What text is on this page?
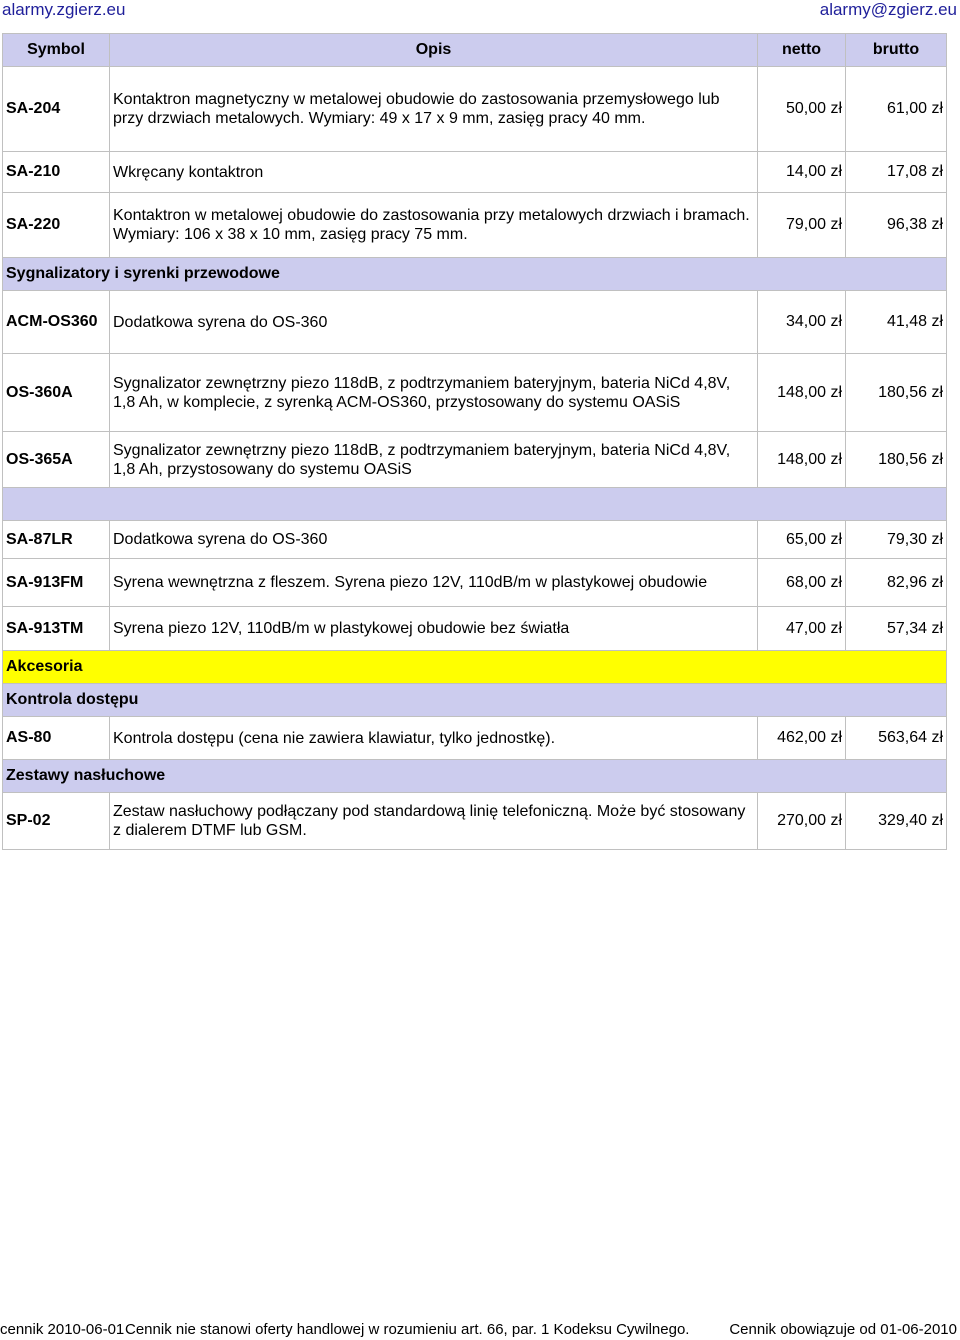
alarmy.zgierz.eu	alarmy@zgierz.eu
Symbol	Opis	netto	brutto
SA-204	Kontaktron magnetyczny w metalowej obudowie do zastosowania przemysłowego lub przy drzwiach metalowych. Wymiary: 49 x 17 x 9 mm, zasięg pracy 40 mm.	50,00 zł	61,00 zł
SA-210	Wkręcany kontaktron	14,00 zł	17,08 zł
SA-220	Kontaktron w metalowej obudowie do zastosowania przy metalowych drzwiach i bramach. Wymiary: 106 x 38 x 10 mm, zasięg pracy 75 mm.	79,00 zł	96,38 zł
Sygnalizatory i syrenki przewodowe			
ACM-OS360	Dodatkowa syrena do OS-360	34,00 zł	41,48 zł
OS-360A	Sygnalizator zewnętrzny piezo 118dB, z podtrzymaniem bateryjnym, bateria NiCd 4,8V, 1,8 Ah, w komplecie, z syrenką ACM-OS360, przystosowany do systemu OASiS	148,00 zł	180,56 zł
OS-365A	Sygnalizator zewnętrzny piezo 118dB, z podtrzymaniem bateryjnym, bateria NiCd 4,8V, 1,8 Ah, przystosowany do systemu OASiS	148,00 zł	180,56 zł

SA-87LR	Dodatkowa syrena do OS-360	65,00 zł	79,30 zł
SA-913FM	Syrena wewnętrzna z fleszem. Syrena piezo 12V, 110dB/m w plastykowej obudowie	68,00 zł	82,96 zł
SA-913TM	Syrena piezo 12V, 110dB/m w plastykowej obudowie bez światła	47,00 zł	57,34 zł
Akcesoria			
Kontrola dostępu			
AS-80	Kontrola dostępu (cena nie zawiera klawiatur, tylko jednostkę).	462,00 zł	563,64 zł
Zestawy nasłuchowe			
SP-02	Zestaw nasłuchowy podłączany pod standardową linię telefoniczną. Może być stosowany z dialerem DTMF lub GSM.	270,00 zł	329,40 zł
cennik 2010-06-01 Cennik nie stanowi oferty handlowej w rozumieniu art. 66, par. 1 Kodeksu Cywilnego.	Cennik obowiązuje od 01-06-2010
